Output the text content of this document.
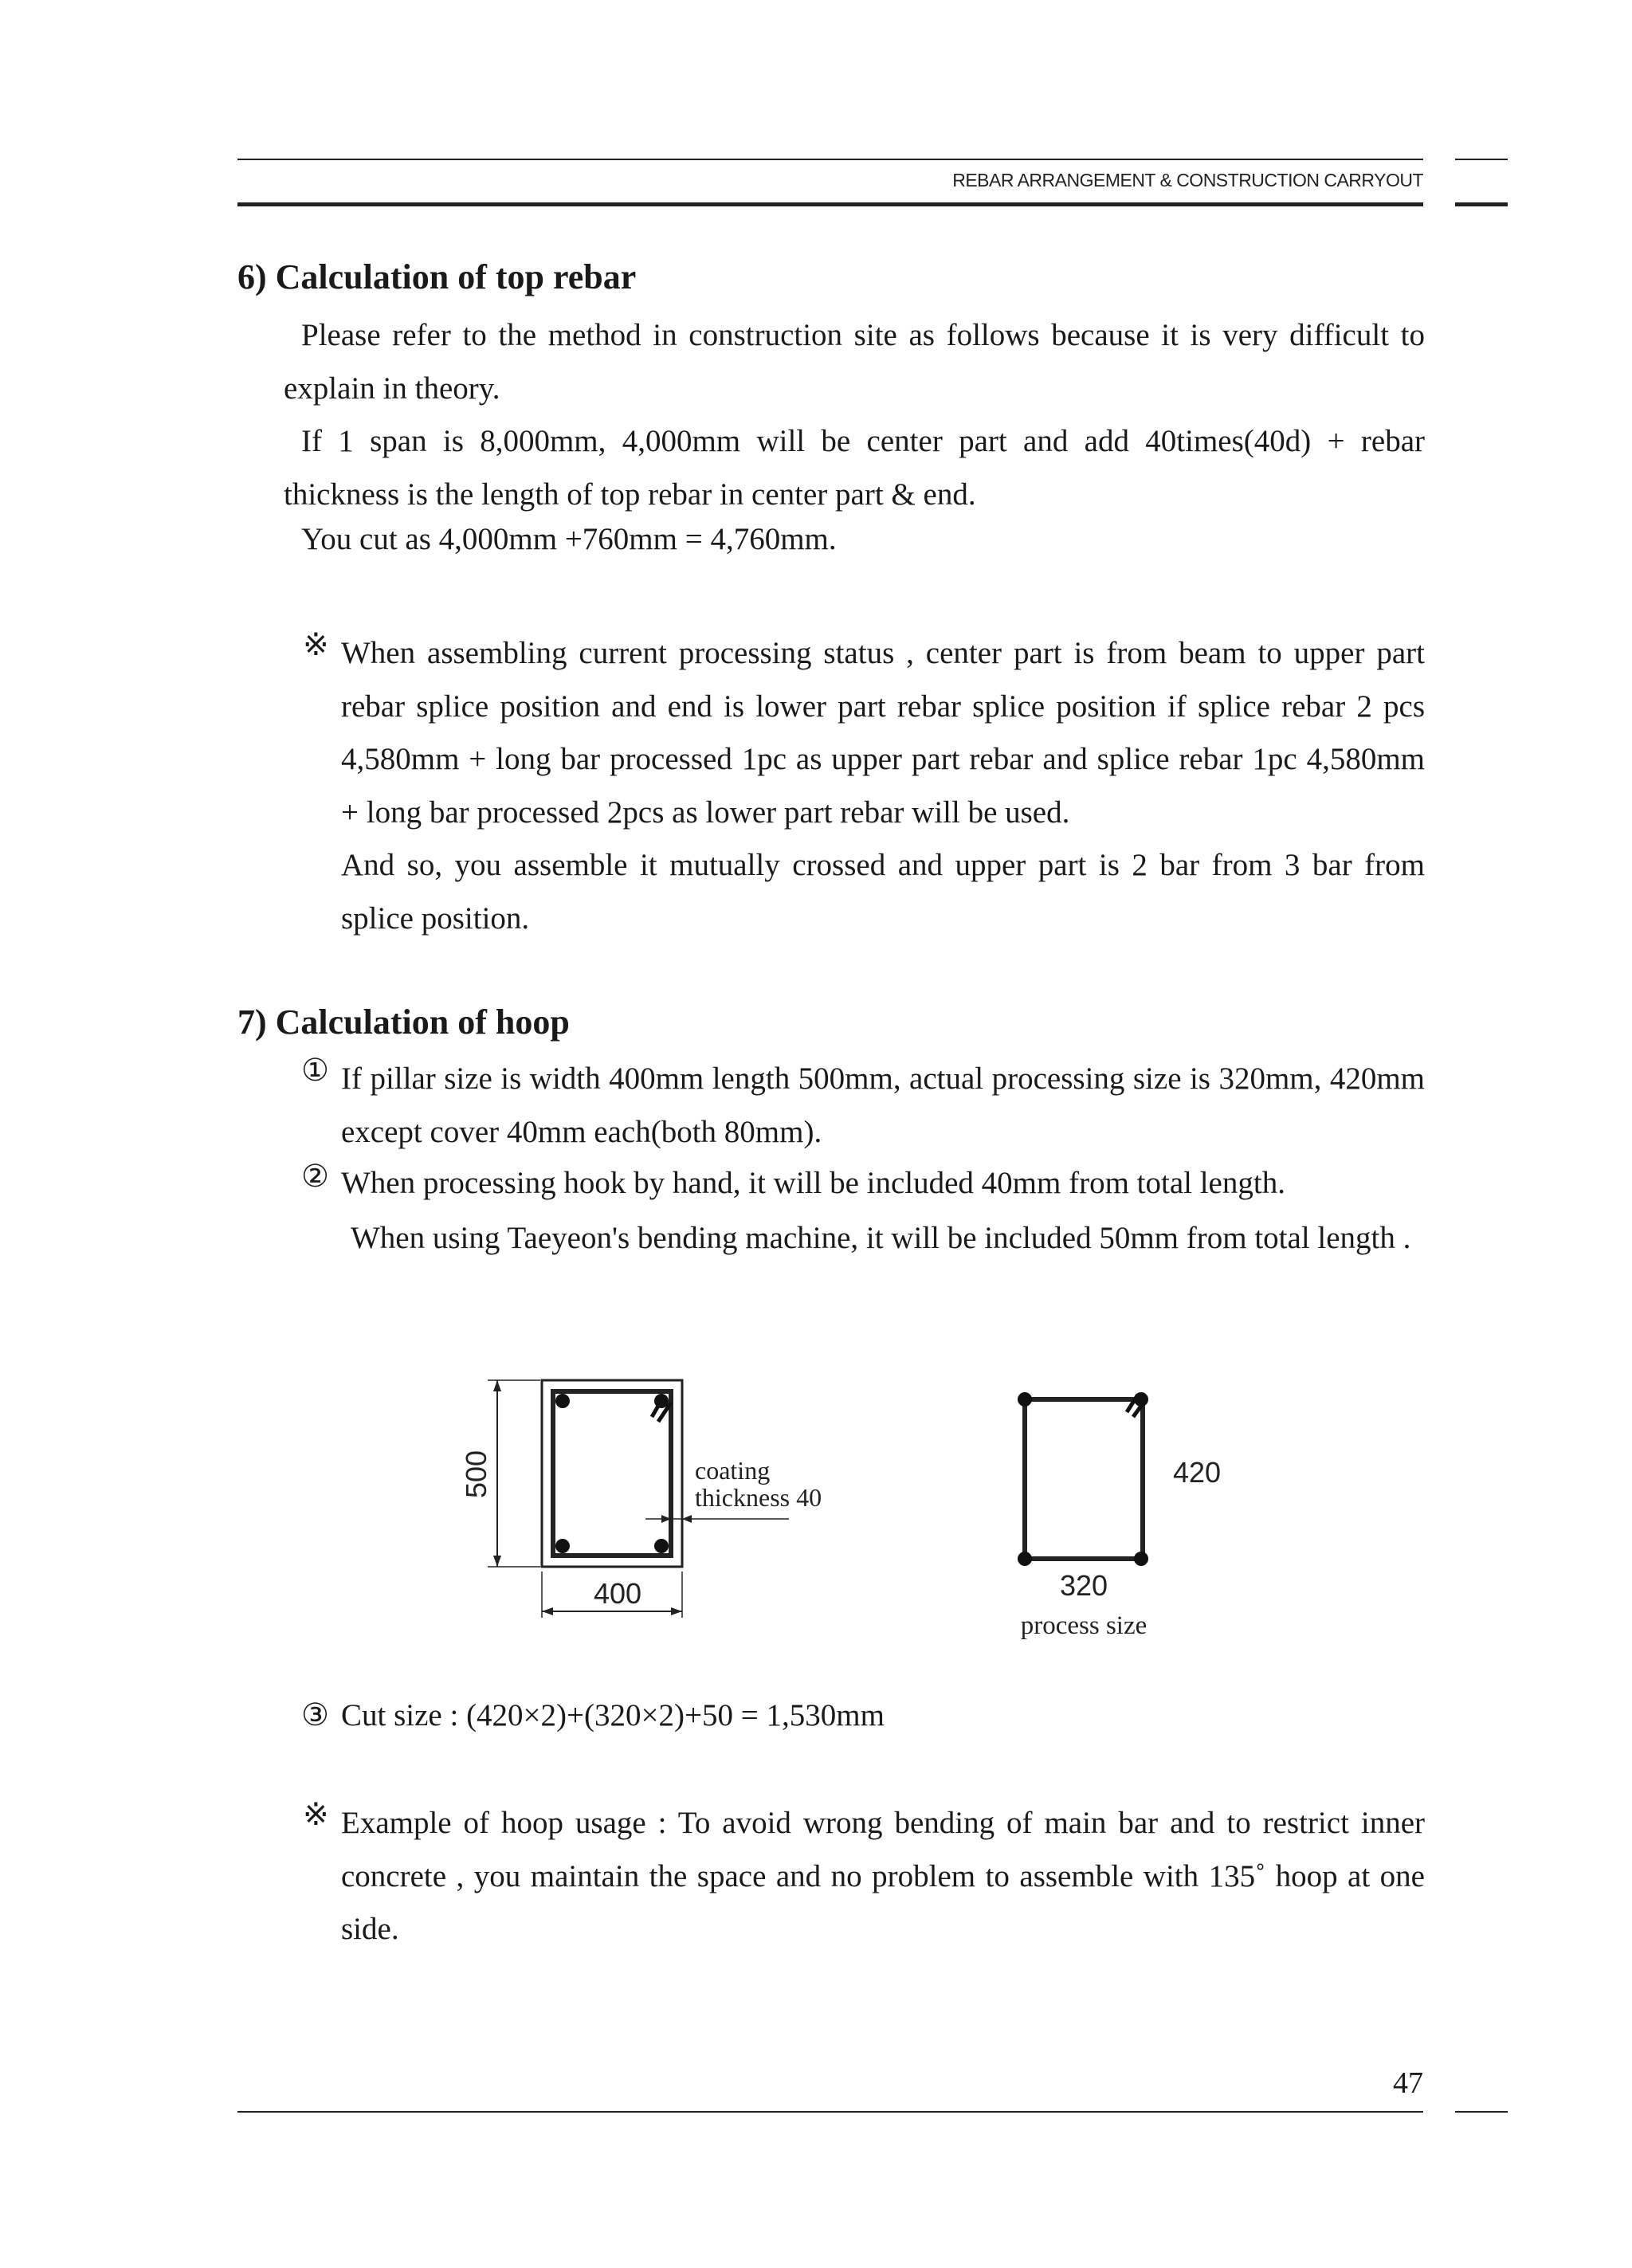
REBAR ARRANGEMENT & CONSTRUCTION CARRYOUT
6) Calculation of top rebar
Please refer to the method in construction site as follows because it is very difficult to explain in theory.
If 1 span is 8,000mm, 4,000mm will be center part and add 40times(40d) + rebar thickness is the length of top rebar in center part & end.
You cut as 4,000mm +760mm = 4,760mm.
※ When assembling current processing status , center part is from beam to upper part rebar splice position and end is lower part rebar splice position if splice rebar 2 pcs 4,580mm + long bar processed 1pc as upper part rebar and splice rebar 1pc 4,580mm + long bar processed 2pcs as lower part rebar will be used.
And so, you assemble it mutually crossed and upper part is 2 bar from 3 bar from splice position.
7) Calculation of hoop
① If pillar size is width 400mm length 500mm, actual processing size is 320mm, 420mm except cover 40mm each(both 80mm).
② When processing hook by hand, it will be included 40mm from total length.
When using Taeyeon's bending machine, it will be included 50mm from total length .
500
400
coating
thickness 40
420
320
process size
③ Cut size : (420×2)+(320×2)+50 = 1,530mm
※ Example of hoop usage : To avoid wrong bending of main bar and to restrict inner concrete , you maintain the space and no problem to assemble with 135˚ hoop at one side.
47
